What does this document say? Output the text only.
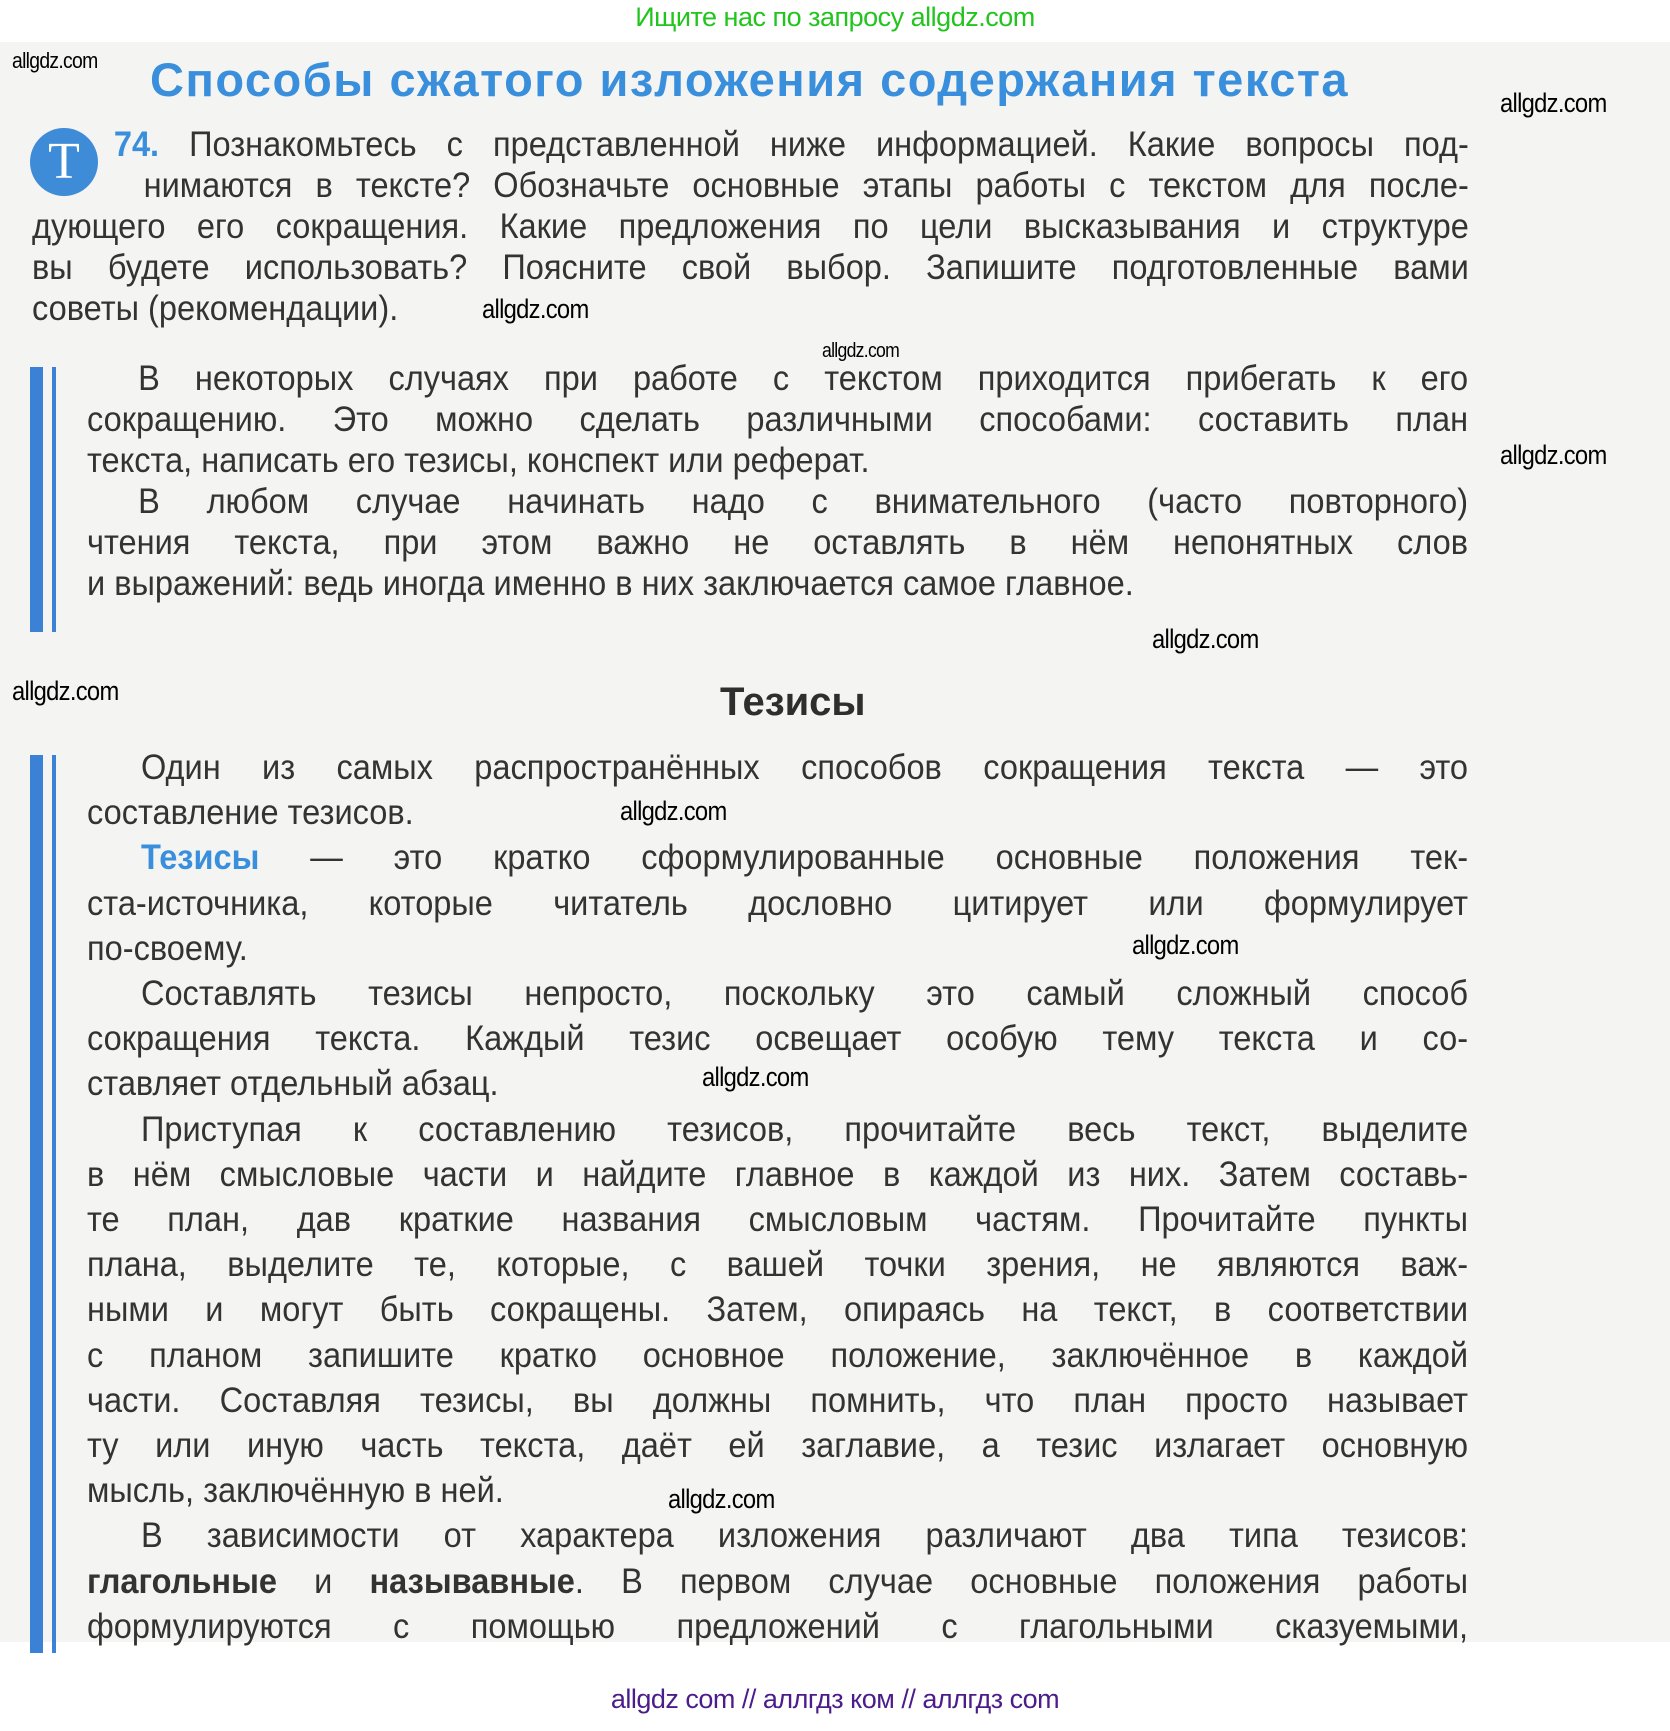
Ищите нас по запросу allgdz.com
allgdz.com Способы сжатого изложения содержания текста	allgdz.com
Т 74. Познакомьтесь с представленной ниже информацией. Какие вопросы под-
нимаются в тексте? Обозначьте основные этапы работы с текстом для после-
дующего его сокращения. Какие предложения по цели высказывания и структуре
вы будете использовать? Поясните свой выбор. Запишите подготовленные вами
советы (рекомендации).	allgdz.com
allgdz.com
В некоторых случаях при работе с текстом приходится прибегать к его
сокращению. Это можно сделать различными способами: составить план
текста, написать его тезисы, конспект или реферат.
В любом случае начинать надо с внимательного (часто повторного)
чтения текста, при этом важно не оставлять в нём непонятных слов
и выражений: ведь иногда именно в них заключается самое главное.
allgdz.com
allgdz.com
allgdz.com	Тезисы
Один из самых распространённых способов сокращения текста — это
составление тезисов.
Тезисы — это кратко сформулированные основные положения тек-
ста-источника, которые читатель дословно цитирует или формулирует
по-своему.
Составлять тезисы непросто, поскольку это самый сложный способ
сокращения текста. Каждый тезис освещает особую тему текста и со-
ставляет отдельный абзац.
Приступая к составлению тезисов, прочитайте весь текст, выделите
в нём смысловые части и найдите главное в каждой из них. Затем составь-
те план, дав краткие названия смысловым частям. Прочитайте пункты
плана, выделите те, которые, с вашей точки зрения, не являются важ-
ными и могут быть сокращены. Затем, опираясь на текст, в соответствии
с планом запишите кратко основное положение, заключённое в каждой
части. Составляя тезисы, вы должны помнить, что план просто называет
ту или иную часть текста, даёт ей заглавие, а тезис излагает основную
мысль, заключённую в ней.
В зависимости от характера изложения различают два типа тезисов:
глагольные и называвные. В первом случае основные положения работы
формулируются с помощью предложений с глагольными сказуемыми,
allgdz.com
allgdz.com
allgdz.com
allgdz.com
allgdz com // аллгдз ком // аллгдз com
